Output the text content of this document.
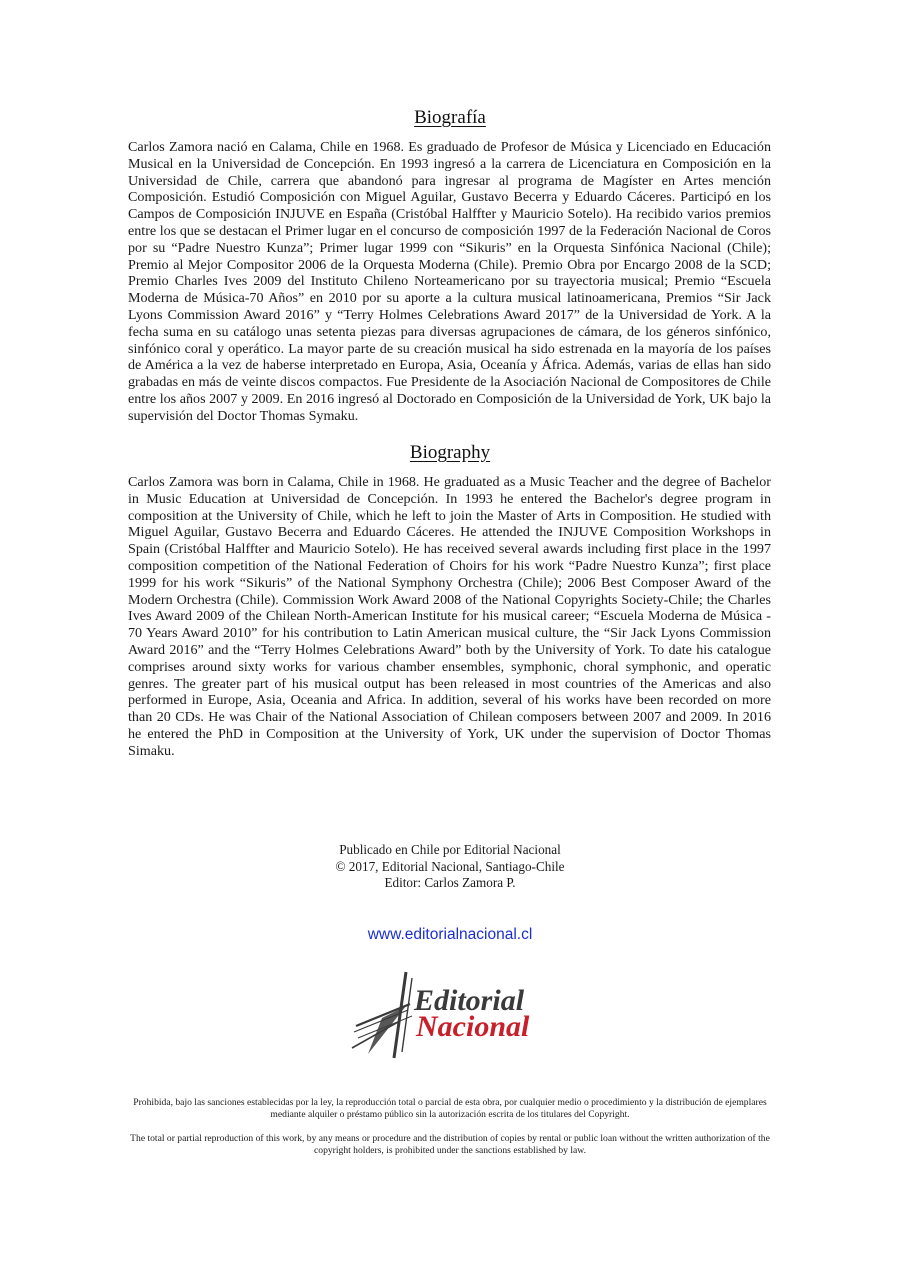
Biografía
Carlos Zamora nació en Calama, Chile en 1968. Es graduado de Profesor de Música y Licenciado en Educación Musical en la Universidad de Concepción. En 1993 ingresó a la carrera de Licenciatura en Composición en la Universidad de Chile, carrera que abandonó para ingresar al programa de Magíster en Artes mención Composición. Estudió Composición con Miguel Aguilar, Gustavo Becerra y Eduardo Cáceres. Participó en los Campos de Composición INJUVE en España (Cristóbal Halffter y Mauricio Sotelo). Ha recibido varios premios entre los que se destacan el Primer lugar en el concurso de composición 1997 de la Federación Nacional de Coros por su “Padre Nuestro Kunza”; Primer lugar 1999 con “Sikuris” en la Orquesta Sinfónica Nacional (Chile); Premio al Mejor Compositor 2006 de la Orquesta Moderna (Chile). Premio Obra por Encargo 2008 de la SCD; Premio Charles Ives 2009 del Instituto Chileno Norteamericano por su trayectoria musical; Premio “Escuela Moderna de Música-70 Años” en 2010 por su aporte a la cultura musical latinoamericana, Premios “Sir Jack Lyons Commission Award 2016” y “Terry Holmes Celebrations Award 2017” de la Universidad de York. A la fecha suma en su catálogo unas setenta piezas para diversas agrupaciones de cámara, de los géneros sinfónico, sinfónico coral y operático. La mayor parte de su creación musical ha sido estrenada en la mayoría de los países de América a la vez de haberse interpretado en Europa, Asia, Oceanía y África. Además, varias de ellas han sido grabadas en más de veinte discos compactos. Fue Presidente de la Asociación Nacional de Compositores de Chile entre los años 2007 y 2009. En 2016 ingresó al Doctorado en Composición de la Universidad de York, UK bajo la supervisión del Doctor Thomas Symaku.
Biography
Carlos Zamora was born in Calama, Chile in 1968. He graduated as a Music Teacher and the degree of Bachelor in Music Education at Universidad de Concepción. In 1993 he entered the Bachelor's degree program in composition at the University of Chile, which he left to join the Master of Arts in Composition. He studied with Miguel Aguilar, Gustavo Becerra and Eduardo Cáceres. He attended the INJUVE Composition Workshops in Spain (Cristóbal Halffter and Mauricio Sotelo). He has received several awards including first place in the 1997 composition competition of the National Federation of Choirs for his work “Padre Nuestro Kunza”; first place 1999 for his work “Sikuris” of the National Symphony Orchestra (Chile); 2006 Best Composer Award of the Modern Orchestra (Chile). Commission Work Award 2008 of the National Copyrights Society-Chile; the Charles Ives Award 2009 of the Chilean North-American Institute for his musical career; “Escuela Moderna de Música - 70 Years Award 2010” for his contribution to Latin American musical culture, the “Sir Jack Lyons Commission Award 2016” and the “Terry Holmes Celebrations Award” both by the University of York. To date his catalogue comprises around sixty works for various chamber ensembles, symphonic, choral symphonic, and operatic genres. The greater part of his musical output has been released in most countries of the Americas and also performed in Europe, Asia, Oceania and Africa. In addition, several of his works have been recorded on more than 20 CDs. He was Chair of the National Association of Chilean composers between 2007 and 2009. In 2016 he entered the PhD in Composition at the University of York, UK under the supervision of Doctor Thomas Simaku.
Publicado en Chile por Editorial Nacional
© 2017, Editorial Nacional, Santiago-Chile
Editor: Carlos Zamora P.
www.editorialnacional.cl
Editorial
Nacional
Prohibida, bajo las sanciones establecidas por la ley, la reproducción total o parcial de esta obra, por cualquier medio o procedimiento y la distribución de ejemplares mediante alquiler o préstamo público sin la autorización escrita de los titulares del Copyright.
The total or partial reproduction of this work, by any means or procedure and the distribution of copies by rental or public loan without the written authorization of the copyright holders, is prohibited under the sanctions established by law.
